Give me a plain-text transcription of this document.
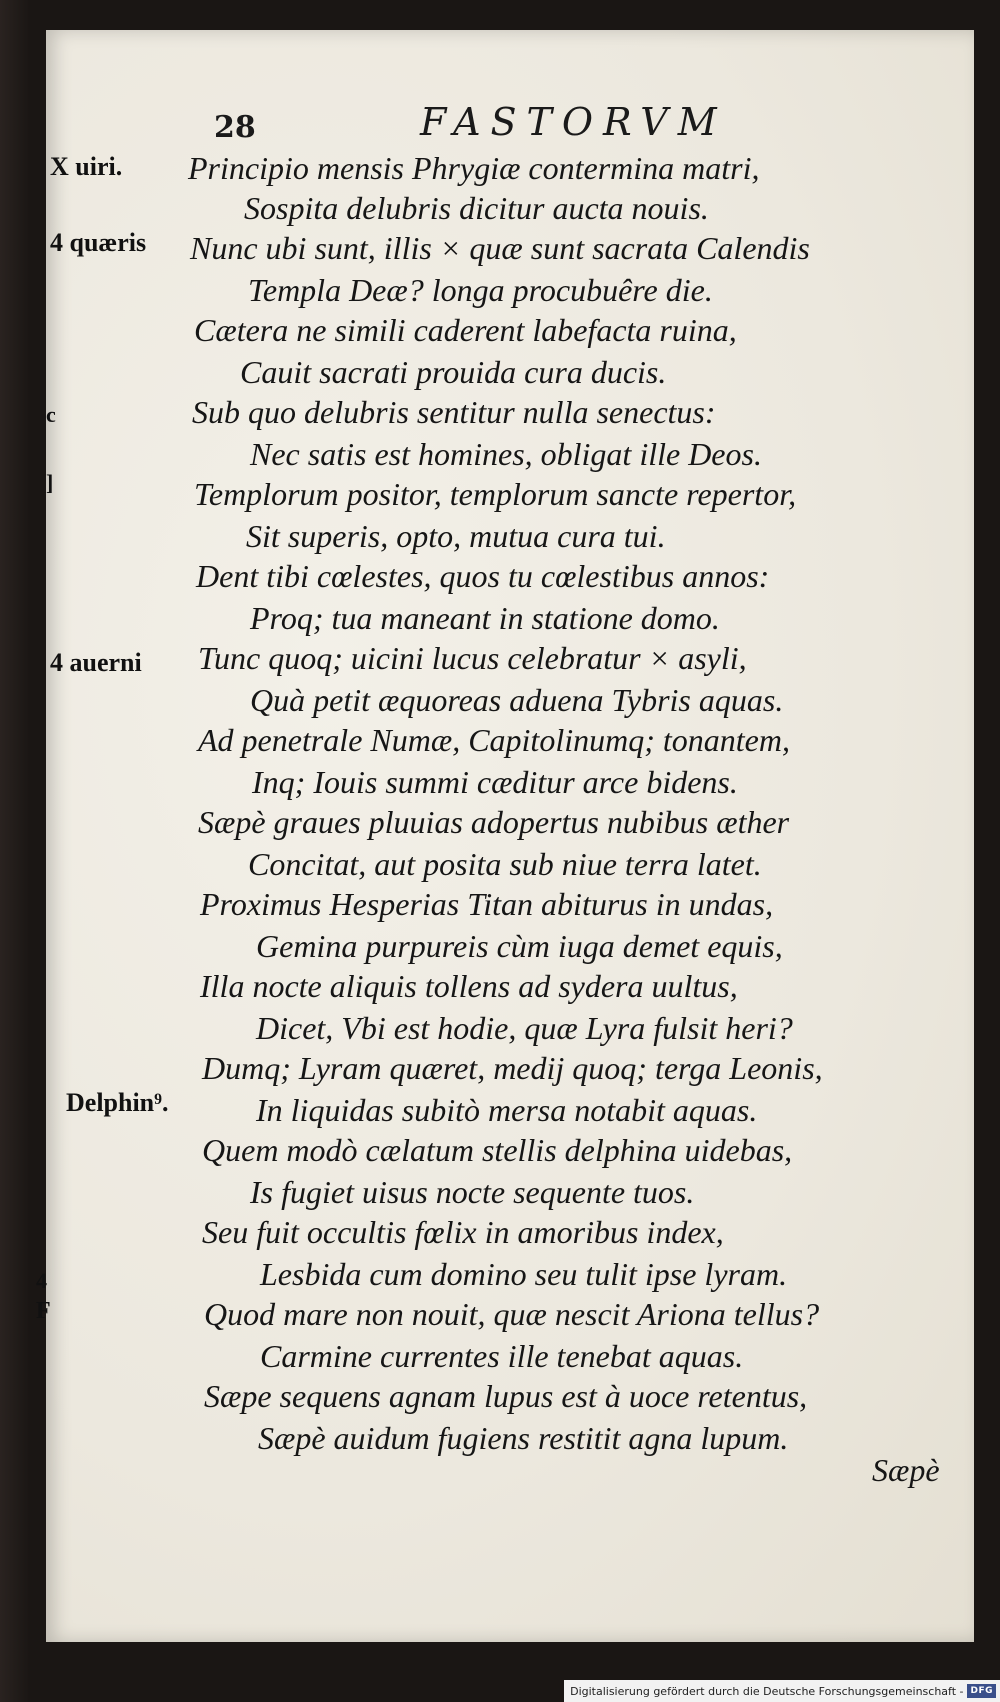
28	FASTORVM
X uiri.
4 quæris
4 auerni
Delphin⁹.
c
]
4
F
Principio mensis Phrygiæ contermina matri,
Sospita delubris dicitur aucta nouis.
Nunc ubi sunt, illis × quæ sunt sacrata Calendis
Templa Deæ? longa procubuêre die.
Cætera ne simili caderent labefacta ruina,
Cauit sacrati prouida cura ducis.
Sub quo delubris sentitur nulla senectus:
Nec satis est homines, obligat ille Deos.
Templorum positor, templorum sancte repertor,
Sit superis, opto, mutua cura tui.
Dent tibi cœlestes, quos tu cœlestibus annos:
Proq; tua maneant in statione domo.
Tunc quoq; uicini lucus celebratur × asyli,
Quà petit æquoreas aduena Tybris aquas.
Ad penetrale Numæ, Capitolinumq; tonantem,
Inq; Iouis summi cæditur arce bidens.
Sæpè graues pluuias adopertus nubibus æther
Concitat, aut posita sub niue terra latet.
Proximus Hesperias Titan abiturus in undas,
Gemina purpureis cùm iuga demet equis,
Illa nocte aliquis tollens ad sydera uultus,
Dicet, Vbi est hodie, quæ Lyra fulsit heri?
Dumq; Lyram quæret, medij quoq; terga Leonis,
In liquidas subitò mersa notabit aquas.
Quem modò cælatum stellis delphina uidebas,
Is fugiet uisus nocte sequente tuos.
Seu fuit occultis fœlix in amoribus index,
Lesbida cum domino seu tulit ipse lyram.
Quod mare non nouit, quæ nescit Ariona tellus?
Carmine currentes ille tenebat aquas.
Sæpe sequens agnam lupus est à uoce retentus,
Sæpè auidum fugiens restitit agna lupum.
Sæpè
Digitalisierung gefördert durch die Deutsche Forschungsgemeinschaft - DFG
